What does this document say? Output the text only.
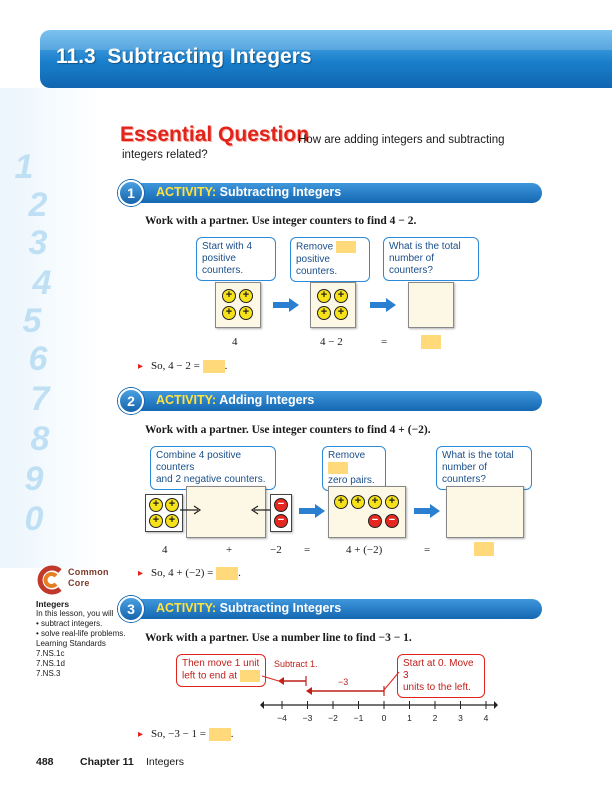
11.3 Subtracting Integers
1
2
3
4
5
6
7
8
9
0
Essential Question
How are adding integers and subtracting integers related?
1	ACTIVITY: Subtracting Integers
Work with a partner. Use integer counters to find 4 − 2.
Start with 4
positive counters.
Remove
positive counters.
What is the total
number of counters?
+ +
+ +
+ +
+ +
4	4 − 2	=
▸ So, 4 − 2 = .
2	ACTIVITY: Adding Integers
Work with a partner. Use integer counters to find 4 + (−2).
Combine 4 positive counters
and 2 negative counters.
Remove
zero pairs.
What is the total
number of counters?
+ +
+ +
−
−
+ + + +
− −
4	+	−2 =	4 + (−2)	=
▸ So, 4 + (−2) = .
Common
Core
Integers
In this lesson, you will
• subtract integers.
• solve real-life problems.
Learning Standards
7.NS.1c
7.NS.1d
7.NS.3
3	ACTIVITY: Subtracting Integers
Work with a partner. Use a number line to find −3 − 1.
Then move 1 unit
left to end at
Start at 0. Move 3
units to the left.
Subtract 1.
−3
−4 −3 −2 −1 0 1 2 3 4
▸ So, −3 − 1 = .
488	Chapter 11 Integers
